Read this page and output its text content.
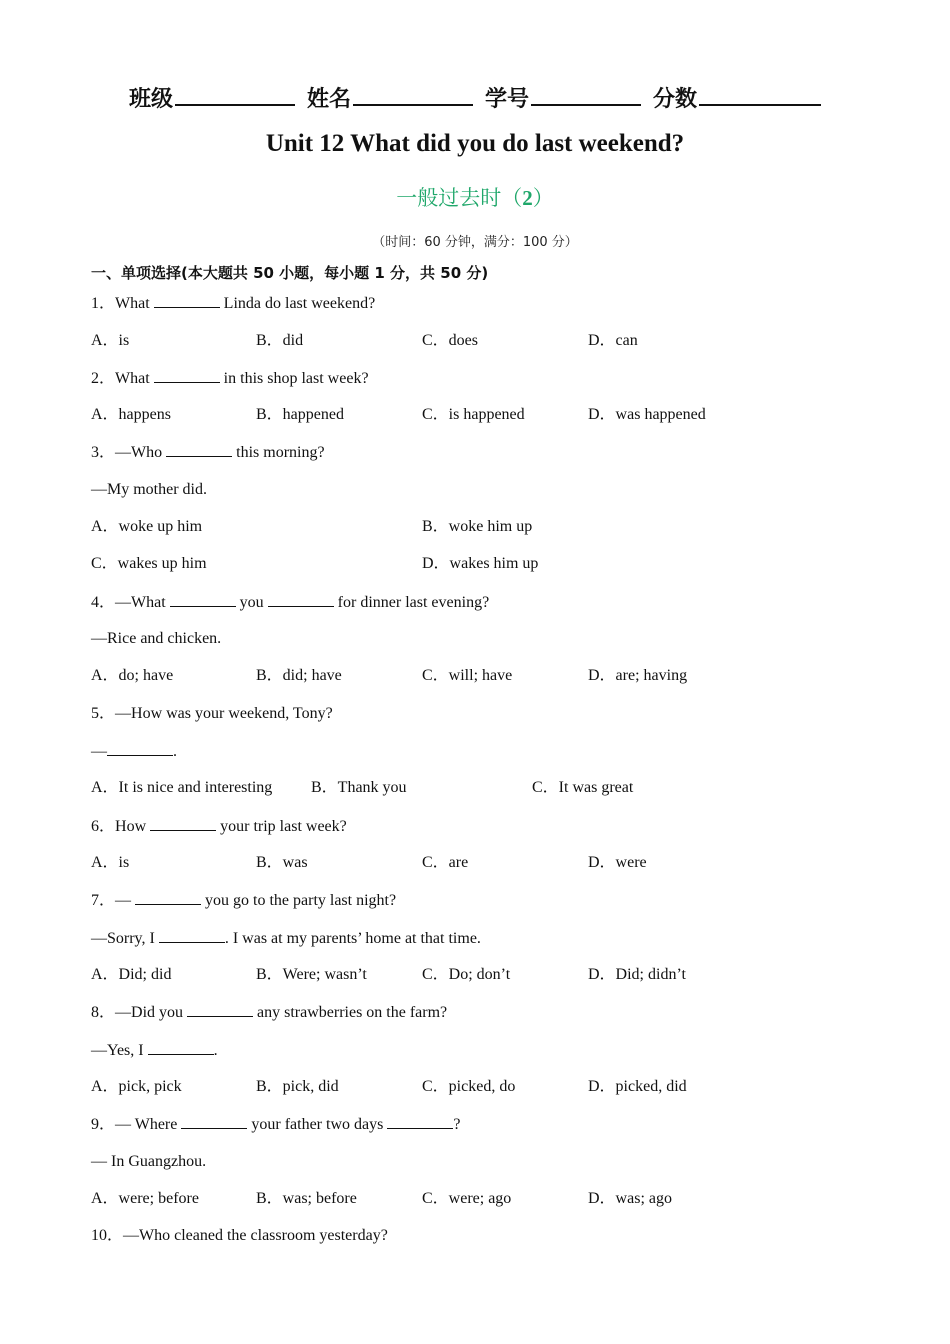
班级	姓名	学号	分数
Unit 12 What did you do last weekend?
一般过去时（2）
（时间：60 分钟，满分：100 分）
一、单项选择(本大题共 50 小题，每小题 1 分，共 50 分)
1．What	Linda do last weekend?
A．is	B．did	C．does	D．can
2．What	in this shop last week?
A．happens	B．happened	C．is happened	D．was happened
3．—Who	this morning?
—My mother did.
A．woke up him	B．woke him up
C．wakes up him	D．wakes him up
4．—What	you	for dinner last evening?
—Rice and chicken.
A．do; have	B．did; have	C．will; have	D．are; having
5．—How was your weekend, Tony?
—	.
A．It is nice and interesting B．Thank you	C．It was great
6．How	your trip last week?
A．is	B．was	C．are	D．were
7．—	you go to the party last night?
—Sorry, I	. I was at my parents’ home at that time.
A．Did; did	B．Were; wasn’t	C．Do; don’t	D．Did; didn’t
8．—Did you	any strawberries on the farm?
—Yes, I	.
A．pick, pick	B．pick, did	C．picked, do	D．picked, did
9．— Where	your father two days	?
— In Guangzhou.
A．were; before	B．was; before	C．were; ago	D．was; ago
10．—Who cleaned the classroom yesterday?
